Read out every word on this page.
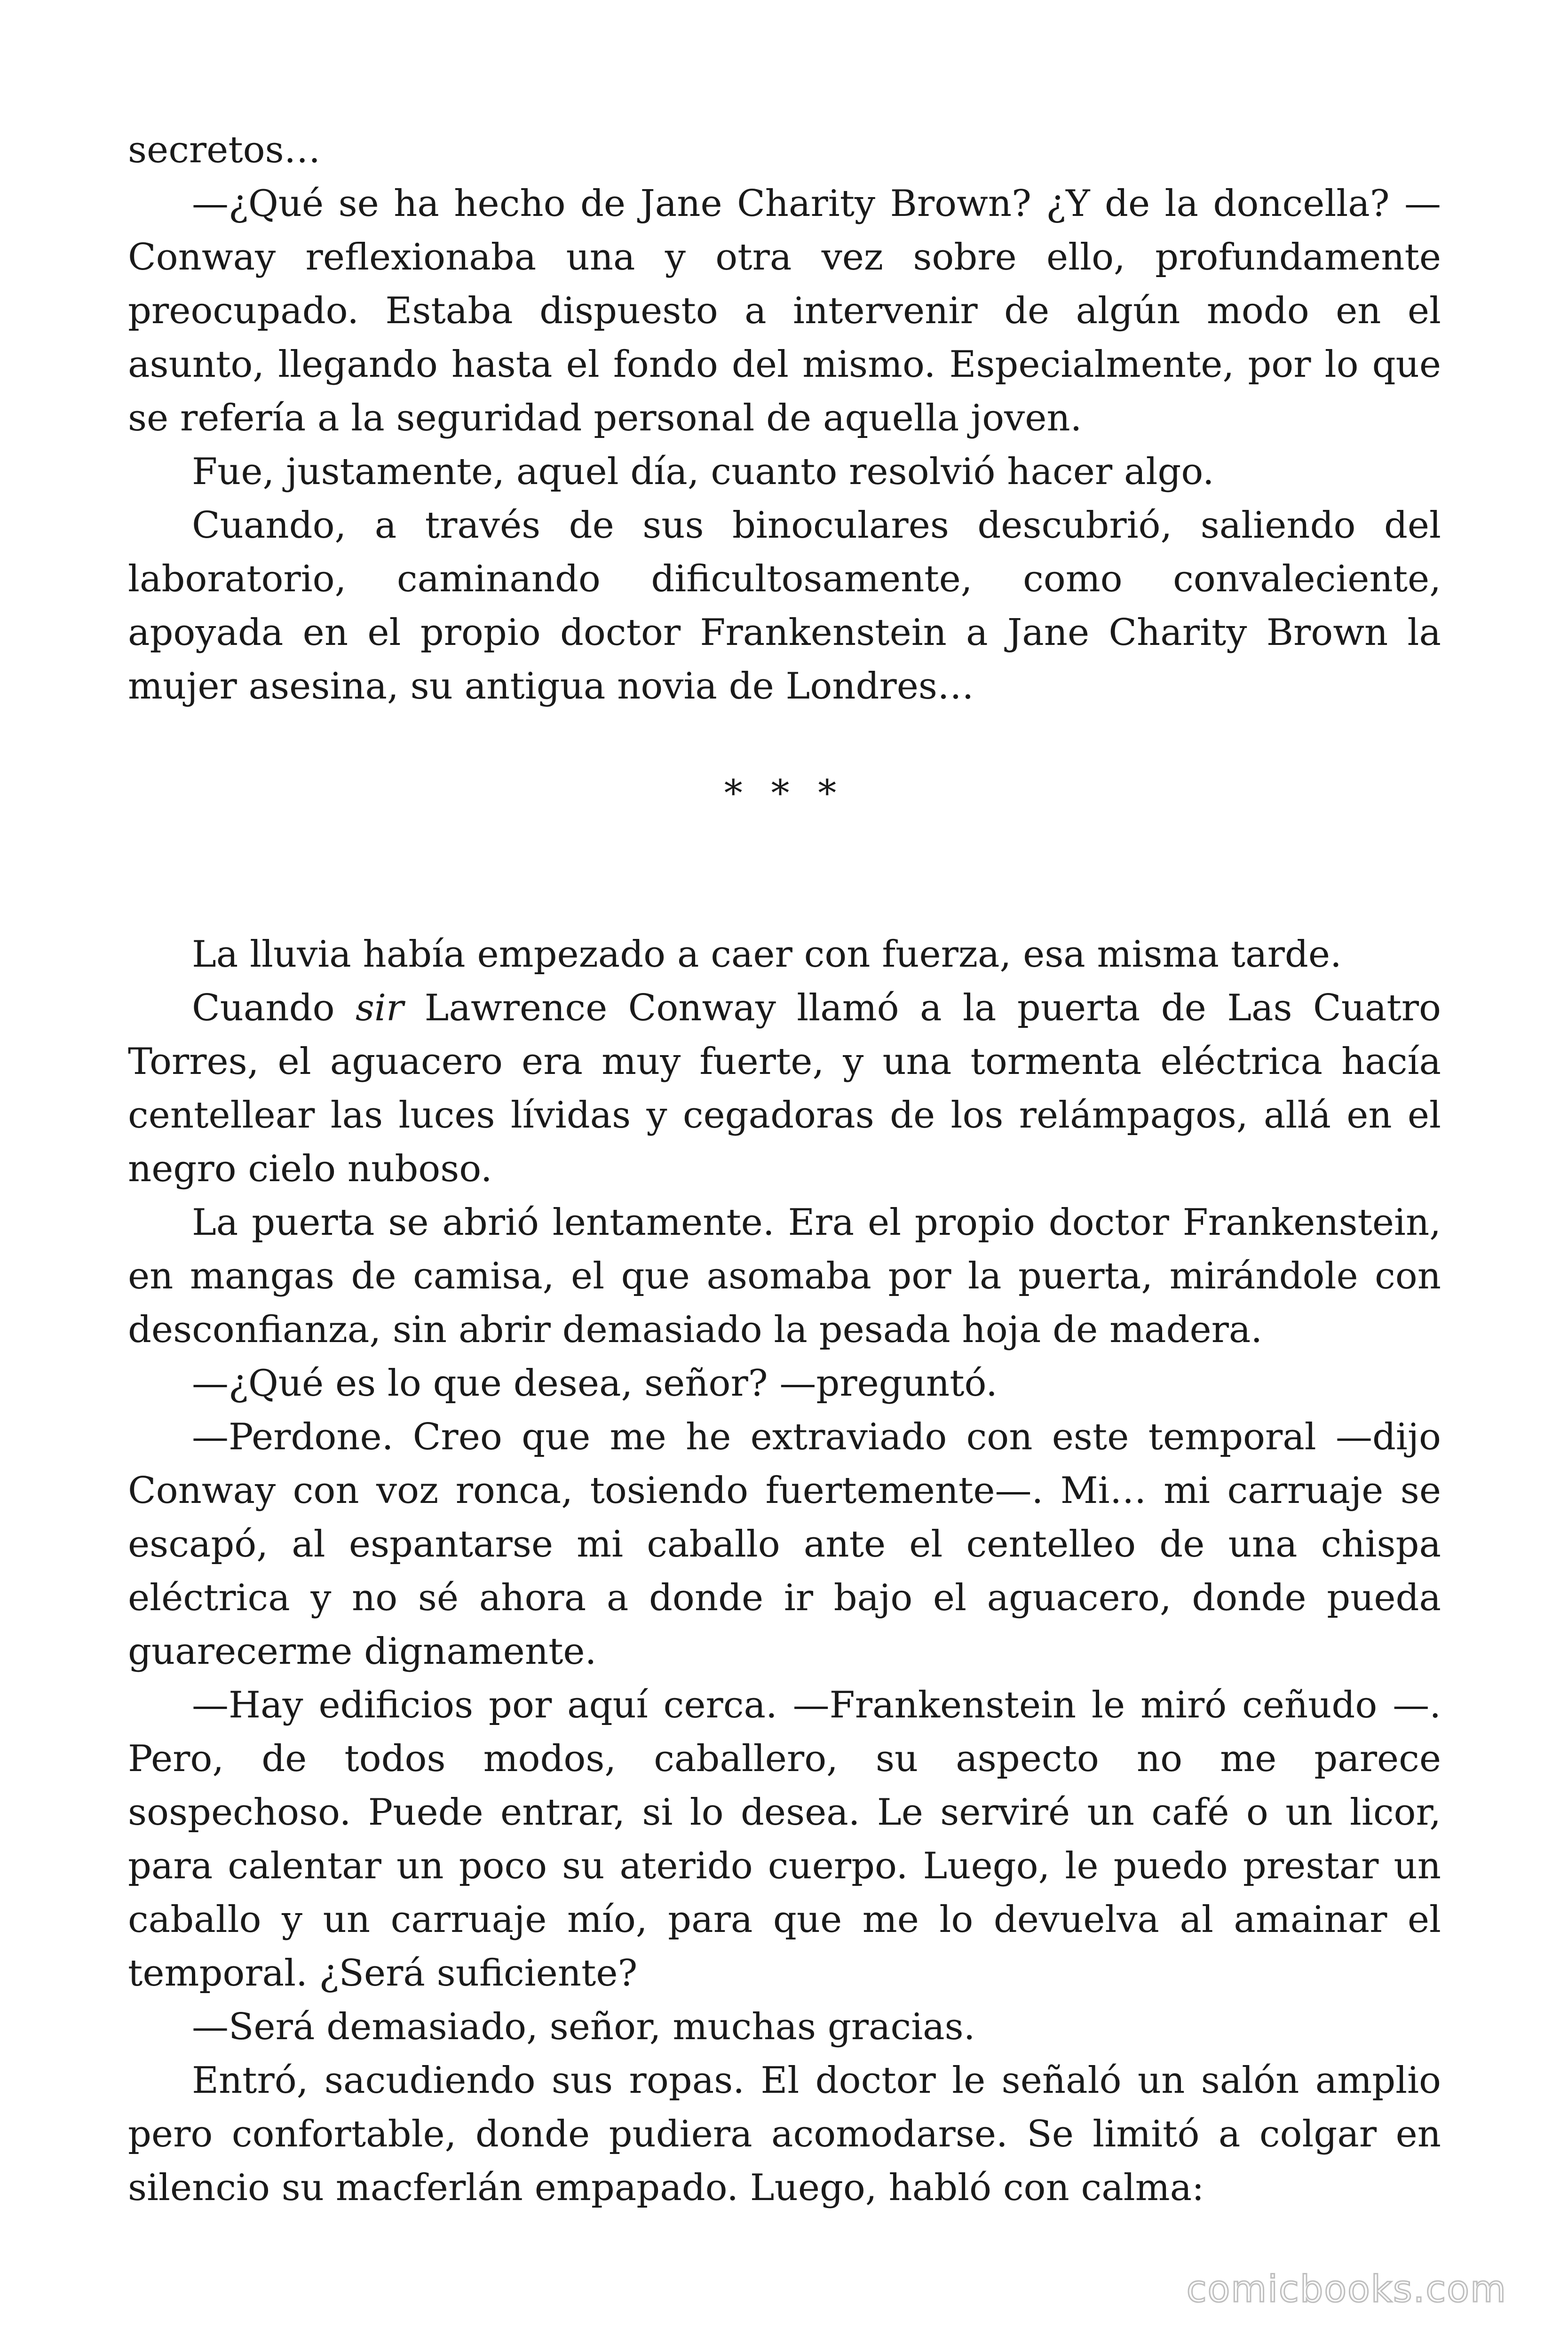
secretos…

—¿Qué se ha hecho de Jane Charity Brown? ¿Y de la doncella? —Conway reflexionaba una y otra vez sobre ello, profundamente preocupado. Estaba dispuesto a intervenir de algún modo en el asunto, llegando hasta el fondo del mismo. Especialmente, por lo que se refería a la seguridad personal de aquella joven.

Fue, justamente, aquel día, cuanto resolvió hacer algo.

Cuando, a través de sus binoculares descubrió, saliendo del laboratorio, caminando dificultosamente, como convaleciente, apoyada en el propio doctor Frankenstein a Jane Charity Brown la mujer asesina, su antigua novia de Londres…

* * *

La lluvia había empezado a caer con fuerza, esa misma tarde.

Cuando sir Lawrence Conway llamó a la puerta de Las Cuatro Torres, el aguacero era muy fuerte, y una tormenta eléctrica hacía centellear las luces lívidas y cegadoras de los relámpagos, allá en el negro cielo nuboso.

La puerta se abrió lentamente. Era el propio doctor Frankenstein, en mangas de camisa, el que asomaba por la puerta, mirándole con desconfianza, sin abrir demasiado la pesada hoja de madera.

—¿Qué es lo que desea, señor? —preguntó.

—Perdone. Creo que me he extraviado con este temporal —dijo Conway con voz ronca, tosiendo fuertemente—. Mi… mi carruaje se escapó, al espantarse mi caballo ante el centelleo de una chispa eléctrica y no sé ahora a donde ir bajo el aguacero, donde pueda guarecerme dignamente.

—Hay edificios por aquí cerca. —Frankenstein le miró ceñudo —. Pero, de todos modos, caballero, su aspecto no me parece sospechoso. Puede entrar, si lo desea. Le serviré un café o un licor, para calentar un poco su aterido cuerpo. Luego, le puedo prestar un caballo y un carruaje mío, para que me lo devuelva al amainar el temporal. ¿Será suficiente?

—Será demasiado, señor, muchas gracias.

Entró, sacudiendo sus ropas. El doctor le señaló un salón amplio pero confortable, donde pudiera acomodarse. Se limitó a colgar en silencio su macferlán empapado. Luego, habló con calma:

comicbooks.com
